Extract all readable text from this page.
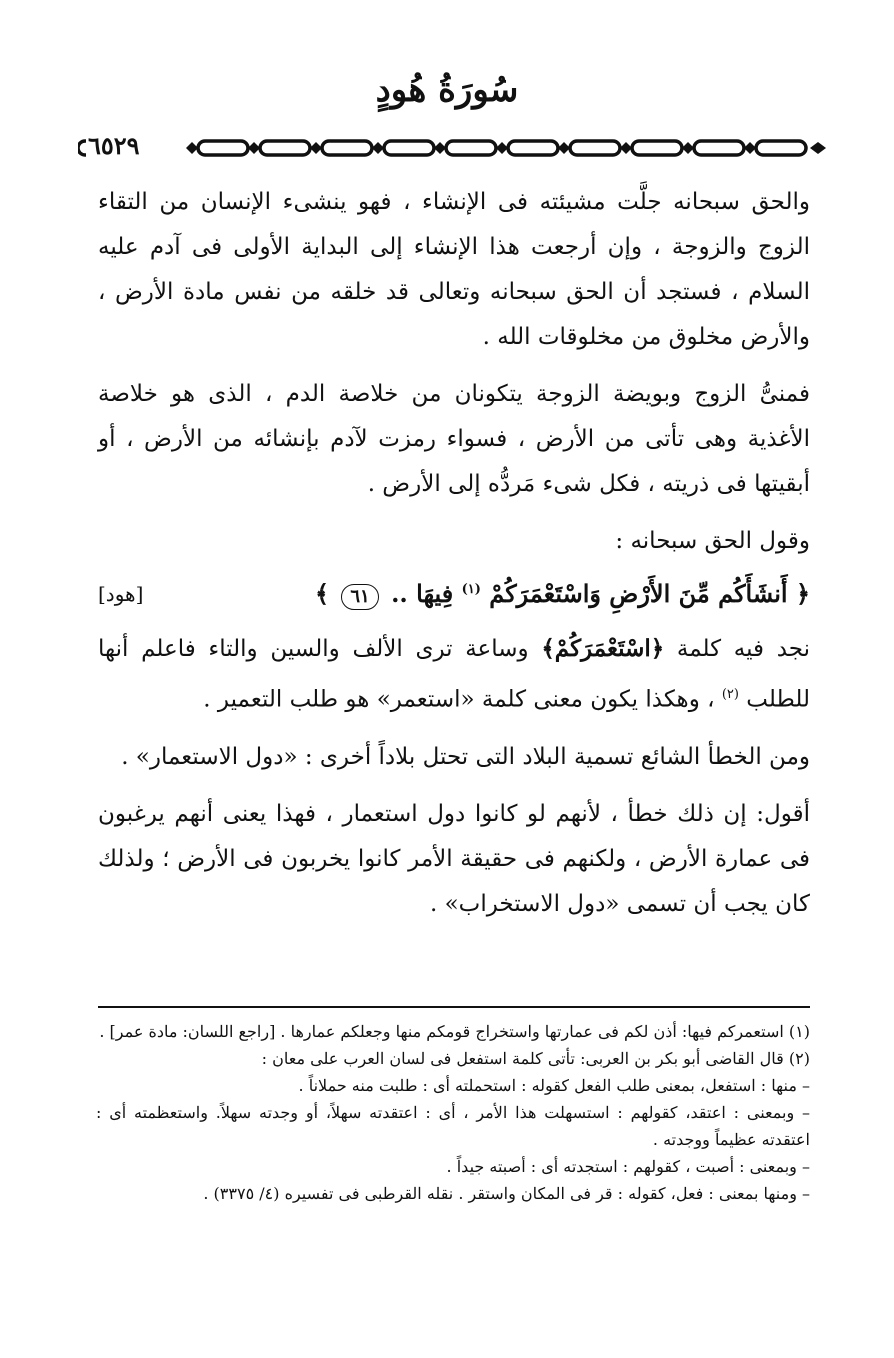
سُورَةُ هُودٍ
٦٥٢٩

والحق سبحانه جلَّت مشيئته فى الإنشاء ، فهو ينشىء الإنسان من التقاء الزوج والزوجة ، وإن أرجعت هذا الإنشاء إلى البداية الأولى فى آدم عليه السلام ، فستجد أن الحق سبحانه وتعالى قد خلقه من نفس مادة الأرض ، والأرض مخلوق من مخلوقات الله .

فمنىُّ الزوج وبويضة الزوجة يتكونان من خلاصة الدم ، الذى هو خلاصة الأغذية وهى تأتى من الأرض ، فسواء رمزت لآدم بإنشائه من الأرض ، أو أبقيتها فى ذريته ، فكل شىء مَردُّه إلى الأرض .

وقول الحق سبحانه :

﴿ أَنشَأَكُم مِّنَ الأَرْضِ وَاسْتَعْمَرَكُمْ $^{(١)}$ فِيهَا .. ٦١ ﴾
[هود]

نجد فيه كلمة ﴿اسْتَعْمَرَكُمْ﴾ وساعة ترى الألف والسين والتاء فاعلم أنها للطلب $^{(٢)}$ ، وهكذا يكون معنى كلمة «استعمر» هو طلب التعمير .

ومن الخطأ الشائع تسمية البلاد التى تحتل بلاداً أخرى : «دول الاستعمار» .

أقول: إن ذلك خطأ ، لأنهم لو كانوا دول استعمار ، فهذا يعنى أنهم يرغبون فى عمارة الأرض ، ولكنهم فى حقيقة الأمر كانوا يخربون فى الأرض ؛ ولذلك كان يجب أن تسمى «دول الاستخراب» .

(١) استعمركم فيها: أذن لكم فى عمارتها واستخراج قومكم منها وجعلكم عمارها . [راجع اللسان: مادة عمر] .

(٢) قال القاضى أبو بكر بن العربى: تأتى كلمة استفعل فى لسان العرب على معان :

– منها : استفعل، بمعنى طلب الفعل كقوله : استحملته أى : طلبت منه حملاناً .

– وبمعنى : اعتقد، كقولهم : استسهلت هذا الأمر ، أى : اعتقدته سهلاً، أو وجدته سهلاً. واستعظمته أى : اعتقدته عظيماً ووجدته .

– وبمعنى : أصبت ، كقولهم : استجدته أى : أصبته جيداً .

– ومنها بمعنى : فعل، كقوله : قر فى المكان واستقر . نقله القرطبى فى تفسيره (٤/ ٣٣٧٥) .
